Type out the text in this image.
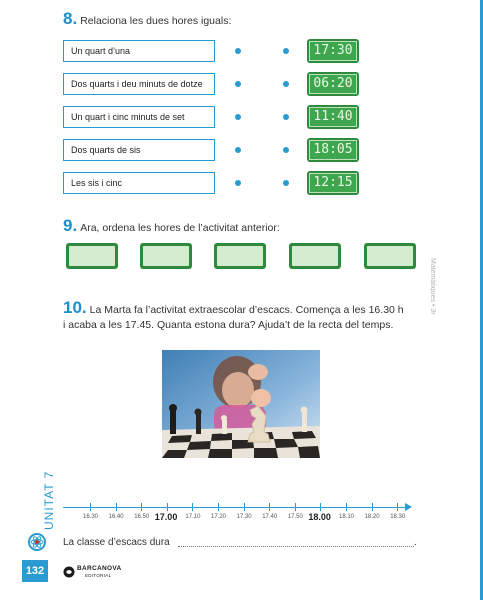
8. Relaciona les dues hores iguals:
Un quart d’una
Dos quarts i deu minuts de dotze
Un quart i cinc minuts de set
Dos quarts de sis
Les sis i cinc
17:30
06:20
11:40
18:05
12:15
9. Ara, ordena les hores de l’activitat anterior:
Matemàtiques • 3r
10. La Marta fa l’activitat extraescolar d’escacs. Comença a les 16.30 h
i acaba a les 17.45. Quanta estona dura? Ajuda’t de la recta del temps.
16.30 16.40 16.50 17.00 17.10 17.20 17.30 17.40 17.50 18.00 18.10 18.20 18.30
La classe d’escacs dura	.
UNITAT 7
132	BARCANOVA
EDITORIAL
